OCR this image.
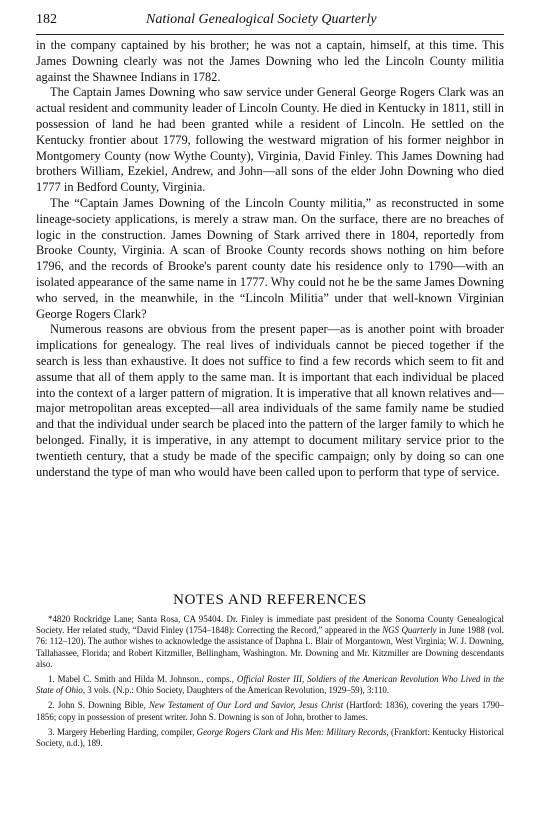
182	National Genealogical Society Quarterly

in the company captained by his brother; he was not a captain, himself, at this time. This James Downing clearly was not the James Downing who led the Lincoln County militia against the Shawnee Indians in 1782.

The Captain James Downing who saw service under General George Rogers Clark was an actual resident and community leader of Lincoln County. He died in Kentucky in 1811, still in possession of land he had been granted while a resident of Lincoln. He settled on the Kentucky frontier about 1779, following the westward migration of his former neighbor in Montgomery County (now Wythe County), Virginia, David Finley. This James Downing had brothers William, Ezekiel, Andrew, and John—all sons of the elder John Downing who died 1777 in Bedford County, Virginia.

The “Captain James Downing of the Lincoln County militia,” as reconstructed in some lineage-society applications, is merely a straw man. On the surface, there are no breaches of logic in the construction. James Downing of Stark arrived there in 1804, reportedly from Brooke County, Virginia. A scan of Brooke County records shows nothing on him before 1796, and the records of Brooke's parent county date his residence only to 1790—with an isolated appearance of the same name in 1777. Why could not he be the same James Downing who served, in the meanwhile, in the “Lincoln Militia” under that well-known Virginian George Rogers Clark?

Numerous reasons are obvious from the present paper—as is another point with broader implications for genealogy. The real lives of individuals cannot be pieced together if the search is less than exhaustive. It does not suffice to find a few records which seem to fit and assume that all of them apply to the same man. It is important that each individual be placed into the context of a larger pattern of migration. It is imperative that all known relatives and—major metropolitan areas excepted—all area individuals of the same family name be studied and that the individual under search be placed into the pattern of the larger family to which he belonged. Finally, it is imperative, in any attempt to document military service prior to the twentieth century, that a study be made of the specific campaign; only by doing so can one understand the type of man who would have been called upon to perform that type of service.

NOTES AND REFERENCES

*4820 Rockridge Lane; Santa Rosa, CA 95404. Dr. Finley is immediate past president of the Sonoma County Genealogical Society. Her related study, “David Finley (1754–1848): Correcting the Record,” appeared in the NGS Quarterly in June 1988 (vol. 76: 112–120). The author wishes to acknowledge the assistance of Daphna L. Blair of Morgantown, West Virginia; W. J. Downing, Tallahassee, Florida; and Robert Kitzmiller, Bellingham, Washington. Mr. Downing and Mr. Kitzmiller are Downing descendants also.

1. Mabel C. Smith and Hilda M. Johnson., comps., Official Roster III, Soldiers of the American Revolution Who Lived in the State of Ohio, 3 vols. (N.p.: Ohio Society, Daughters of the American Revolution, 1929–59), 3:110.

2. John S. Downing Bible, New Testament of Our Lord and Savior, Jesus Christ (Hartford: 1836), covering the years 1790–1856; copy in possession of present writer. John S. Downing is son of John, brother to James.

3. Margery Heberling Harding, compiler, George Rogers Clark and His Men: Military Records, (Frankfort: Kentucky Historical Society, n.d.), 189.
